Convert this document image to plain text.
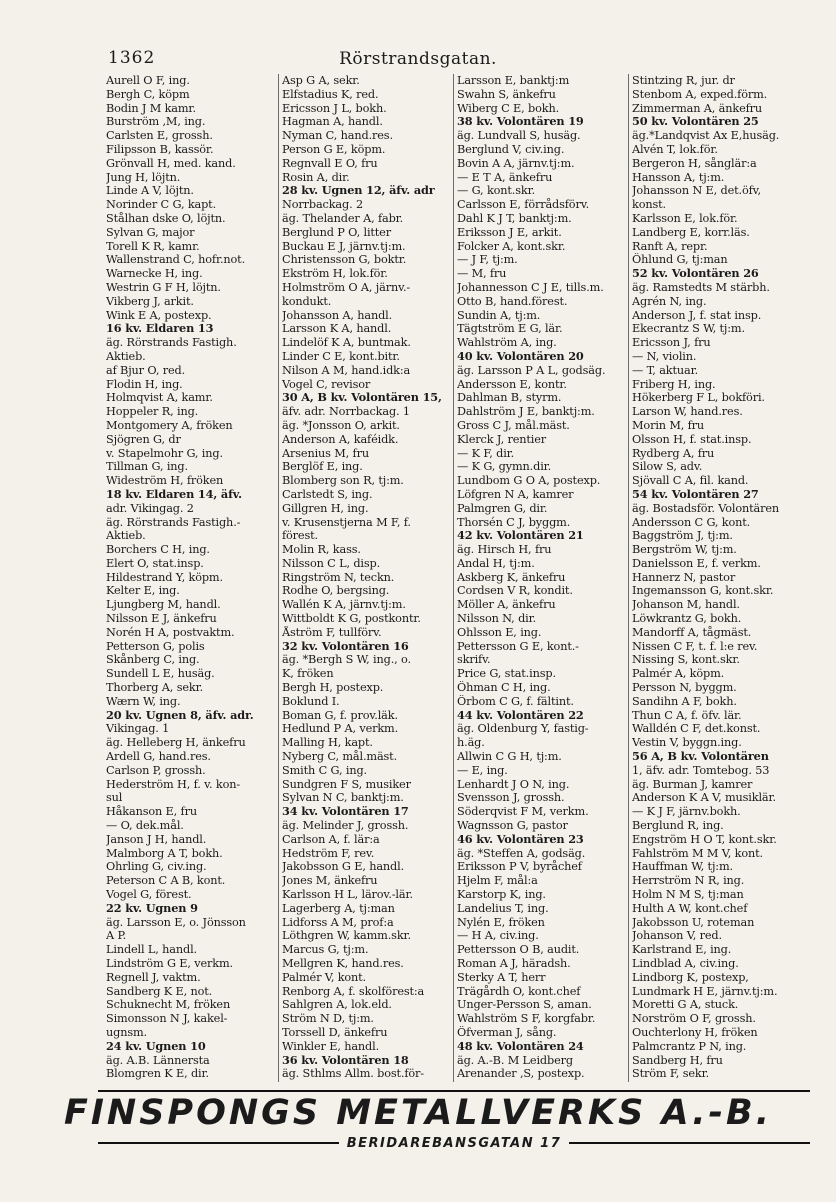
1362	Rörstrandsgatan.
Aurell O F, ing.
Bergh C, köpm
Bodin J M kamr.
Burström ,M, ing.
Carlsten E, grossh.
Filipsson B, kassör.
Grönvall H, med. kand.
Jung H, löjtn.
Linde A V, löjtn.
Norinder C G, kapt.
Stålhan dske O, löjtn.
Sylvan G, major
Torell K R, kamr.
Wallenstrand C, hofr.not.
Warnecke H, ing.
Westrin G F H, löjtn.
Vikberg J, arkit.
Wink E A, postexp.
16 kv. Eldaren 13
äg. Rörstrands Fastigh.
Aktieb.
af Bjur O, red.
Flodin H, ing.
Holmqvist A, kamr.
Hoppeler R, ing.
Montgomery A, fröken
Sjögren G, dr
v. Stapelmohr G, ing.
Tillman G, ing.
Wideström H, fröken
18 kv. Eldaren 14, äfv.
adr. Vikingag. 2
äg. Rörstrands Fastigh.-
Aktieb.
Borchers C H, ing.
Elert O, stat.insp.
Hildestrand Y, köpm.
Kelter E, ing.
Ljungberg M, handl.
Nilsson E J, änkefru
Norén H A, postvaktm.
Petterson G, polis
Skånberg C, ing.
Sundell L E, husäg.
Thorberg A, sekr.
Wærn W, ing.
20 kv. Ugnen 8, äfv. adr.
Vikingag. 1
äg. Helleberg H, änkefru
Ardell G, hand.res.
Carlson P, grossh.
Hederström H, f. v. kon-
sul
Håkanson E, fru
— O, dek.mål.
Janson J H, handl.
Malmborg A T, bokh.
Ohrling G, civ.ing.
Peterson C A B, kont.
Vogel G, förest.
22 kv. Ugnen 9
äg. Larsson E, o. Jönsson
A P.
Lindell L, handl.
Lindström G E, verkm.
Regnell J, vaktm.
Sandberg K E, not.
Schuknecht M, fröken
Simonsson N J, kakel-
ugnsm.
24 kv. Ugnen 10
äg. A.B. Lännersta
Blomgren K E, dir.
Asp G A, sekr.
Elfstadius K, red.
Ericsson J L, bokh.
Hagman A, handl.
Nyman C, hand.res.
Person G E, köpm.
Regnvall E O, fru
Rosin A, dir.
28 kv. Ugnen 12, äfv. adr
Norrbackag. 2
äg. Thelander A, fabr.
Berglund P O, litter
Buckau E J, järnv.tj:m.
Christensson G, boktr.
Ekström H, lok.för.
Holmström O A, järnv.-
kondukt.
Johansson A, handl.
Larsson K A, handl.
Lindelöf K A, buntmak.
Linder C E, kont.bitr.
Nilson A M, hand.idk:a
Vogel C, revisor
30 A, B kv. Volontären 15,
äfv. adr. Norrbackag. 1
äg. *Jonsson O, arkit.
Anderson A, kaféidk.
Arsenius M, fru
Berglöf E, ing.
Blomberg son R, tj:m.
Carlstedt S, ing.
Gillgren H, ing.
v. Krusenstjerna M F, f.
förest.
Molin R, kass.
Nilsson C L, disp.
Ringström N, teckn.
Rodhe O, bergsing.
Wallén K A, järnv.tj:m.
Wittboldt K G, postkontr.
Åström F, tullförv.
32 kv. Volontären 16
äg. *Bergh S W, ing., o.
K, fröken
Bergh H, postexp.
Boklund I.
Boman G, f. prov.läk.
Hedlund P A, verkm.
Malling H, kapt.
Nyberg C, mål.mäst.
Smith C G, ing.
Sundgren F S, musiker
Sylvan N C, banktj:m.
34 kv. Volontären 17
äg. Melinder J, grossh.
Carlson A, f. lär:a
Hedström F, rev.
Jakobsson G E, handl.
Jones M, änkefru
Karlsson H L, lärov.-lär.
Lagerberg A, tj:man
Lidforss A M, prof:a
Löthgren W, kamm.skr.
Marcus G, tj:m.
Mellgren K, hand.res.
Palmér V, kont.
Renborg A, f. skolförest:a
Sahlgren A, lok.eld.
Ström N D, tj:m.
Torssell D, änkefru
Winkler E, handl.
36 kv. Volontären 18
äg. Sthlms Allm. bost.för-
Larsson E, banktj:m
Swahn S, änkefru
Wiberg C E, bokh.
38 kv. Volontären 19
äg. Lundvall S, husäg.
Berglund V, civ.ing.
Bovin A A, järnv.tj:m.
— E T A, änkefru
— G, kont.skr.
Carlsson E, förrådsförv.
Dahl K J T, banktj:m.
Eriksson J E, arkit.
Folcker A, kont.skr.
— J F, tj:m.
— M, fru
Johannesson C J E, tills.m.
Otto B, hand.förest.
Sundin A, tj:m.
Tägtström E G, lär.
Wahlström A, ing.
40 kv. Volontären 20
äg. Larsson P A L, godsäg.
Andersson E, kontr.
Dahlman B, styrm.
Dahlström J E, banktj:m.
Gross C J, mål.mäst.
Klerck J, rentier
— K F, dir.
— K G, gymn.dir.
Lundbom G O A, postexp.
Löfgren N A, kamrer
Palmgren G, dir.
Thorsén C J, byggm.
42 kv. Volontären 21
äg. Hirsch H, fru
Andal H, tj:m.
Askberg K, änkefru
Cordsen V R, kondit.
Möller A, änkefru
Nilsson N, dir.
Ohlsson E, ing.
Pettersson G E, kont.-
skrifv.
Price G, stat.insp.
Öhman C H, ing.
Örbom C G, f. fältint.
44 kv. Volontären 22
äg. Oldenburg Y, fastig-
h.äg.
Allwin C G H, tj:m.
— E, ing.
Lenhardt J O N, ing.
Svensson J, grossh.
Söderqvist F M, verkm.
Wagnsson G, pastor
46 kv. Volontären 23
äg. *Steffen A, godsäg.
Eriksson P V, byråchef
Hjelm F, mål:a
Karstorp K, ing.
Landelius T, ing.
Nylén E, fröken
— H A, civ.ing.
Pettersson O B, audit.
Roman A J, häradsh.
Sterky A T, herr
Trägårdh O, kont.chef
Unger-Persson S, aman.
Wahlström S F, korgfabr.
Öfverman J, sång.
48 kv. Volontären 24
äg. A.-B. M Leidberg
Arenander ,S, postexp.
Stintzing R, jur. dr
Stenbom A, exped.förm.
Zimmerman A, änkefru
50 kv. Volontären 25
äg.*Landqvist Ax E,husäg.
Alvén T, lok.för.
Bergeron H, sånglär:a
Hansson A, tj:m.
Johansson N E, det.öfv,
konst.
Karlsson E, lok.för.
Landberg E, korr.läs.
Ranft A, repr.
Öhlund G, tj:man
52 kv. Volontären 26
äg. Ramstedts M stärbh.
Agrén N, ing.
Anderson J, f. stat insp.
Ekecrantz S W, tj:m.
Ericsson J, fru
— N, violin.
— T, aktuar.
Friberg H, ing.
Hökerberg F L, bokföri.
Larson W, hand.res.
Morin M, fru
Olsson H, f. stat.insp.
Rydberg A, fru
Silow S, adv.
Sjövall C A, fil. kand.
54 kv. Volontären 27
äg. Bostadsför. Volontären
Andersson C G, kont.
Baggström J, tj:m.
Bergström W, tj:m.
Danielsson E, f. verkm.
Hannerz N, pastor
Ingemansson G, kont.skr.
Johanson M, handl.
Löwkrantz G, bokh.
Mandorff A, tågmäst.
Nissen C F, t. f. l:e rev.
Nissing S, kont.skr.
Palmér A, köpm.
Persson N, byggm.
Sandihn A F, bokh.
Thun C A, f. öfv. lär.
Walldén C F, det.konst.
Vestin V, byggn.ing.
56 A, B kv. Volontären
1, äfv. adr. Tomtebog. 53
äg. Burman J, kamrer
Anderson K A V, musiklär.
— K J F, järnv.bokh.
Berglund R, ing.
Engström H O T, kont.skr.
Fahlström M M V, kont.
Hauffman W, tj:m.
Herrström N R, ing.
Holm N M S, tj:man
Hulth A W, kont.chef
Jakobsson U, roteman
Johanson V, red.
Karlstrand E, ing.
Lindblad A, civ.ing.
Lindborg K, postexp,
Lundmark H E, järnv.tj:m.
Moretti G A, stuck.
Norström O F, grossh.
Ouchterlony H, fröken
Palmcrantz P N, ing.
Sandberg H, fru
Ström F, sekr.
FINSPONGS METALLVERKS A.-B.
BERIDAREBANSGATAN 17
